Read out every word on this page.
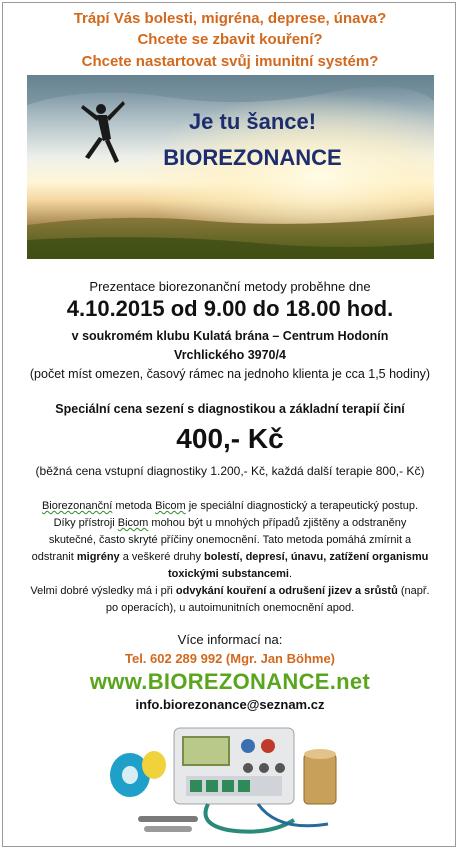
Trápí Vás bolesti, migréna, deprese, únava?
Chcete se zbavit kouření?
Chcete nastartovat svůj imunitní systém?
Je tu šance!
BIOREZONANCE
Prezentace biorezonanční metody proběhne dne
4.10.2015 od 9.00 do 18.00 hod.
v soukromém klubu Kulatá brána – Centrum Hodonín
Vrchlického 3970/4
(počet míst omezen, časový rámec na jednoho klienta je cca 1,5 hodiny)
Speciální cena sezení s diagnostikou a základní terapií činí
400,- Kč
(běžná cena vstupní diagnostiky 1.200,- Kč, každá další terapie 800,- Kč)
Biorezonanční metoda Bicom je speciální diagnostický a terapeutický postup.
Díky přístroji Bicom mohou být u mnohých případů zjištěny a odstraněny
skutečné, často skryté příčiny onemocnění. Tato metoda pomáhá zmírnit a
odstranit migrény a veškeré druhy bolestí, depresí, únavu, zatížení organismu
toxickými substancemi.
Velmi dobré výsledky má i při odvykání kouření a odrušení jizev a srůstů (např.
po operacích), u autoimunitních onemocnění apod.
Více informací na:
Tel. 602 289 992 (Mgr. Jan Böhme)
www.BIOREZONANCE.net
info.biorezonance@seznam.cz
